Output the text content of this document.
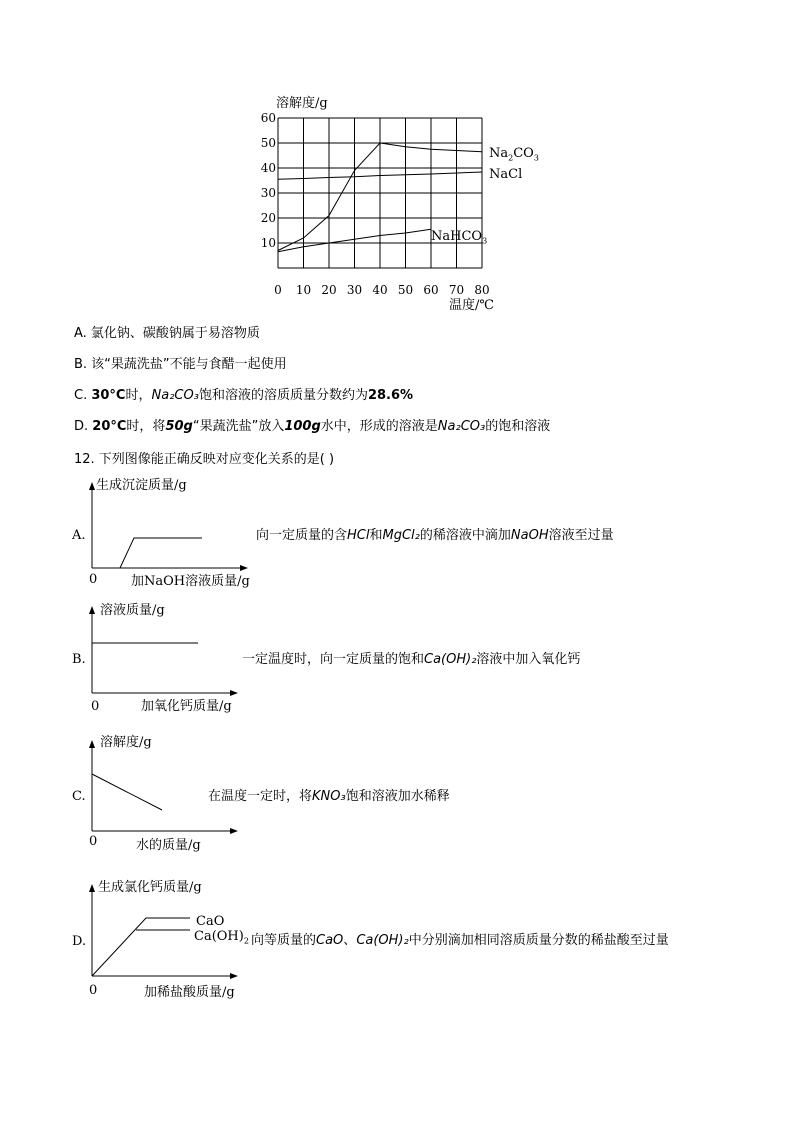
溶解度/g
10
20
30
40
50
60
0 10 20 30 40 50 60 70 80
$Na_2CO_3$
NaCl
NaHCO$_3$
温度/℃
A. 氯化钠、碳酸钠属于易溶物质
B. 该“果蔬洗盐”不能与食醋一起使用
C. 30°C时，Na₂CO₃饱和溶液的溶质质量分数约为28.6%
D. 20°C时，将50g“果蔬洗盐”放入100g水中，形成的溶液是Na₂CO₃的饱和溶液
12. 下列图像能正确反映对应变化关系的是( )
生成沉淀质量/g
A.
0	加NaOH溶液质量/g
向一定质量的含HCl和MgCl₂的稀溶液中滴加NaOH溶液至过量
溶液质量/g
B.
0	加氧化钙质量/g
一定温度时，向一定质量的饱和Ca(OH)₂溶液中加入氧化钙
溶解度/g
C.
0	水的质量/g
在温度一定时，将KNO₃饱和溶液加水稀释
生成氯化钙质量/g
D.
CaO
$Ca(OH)_2$ 向等质量的CaO、Ca(OH)₂中分别滴加相同溶质质量分数的稀盐酸至过量
0	加稀盐酸质量/g
